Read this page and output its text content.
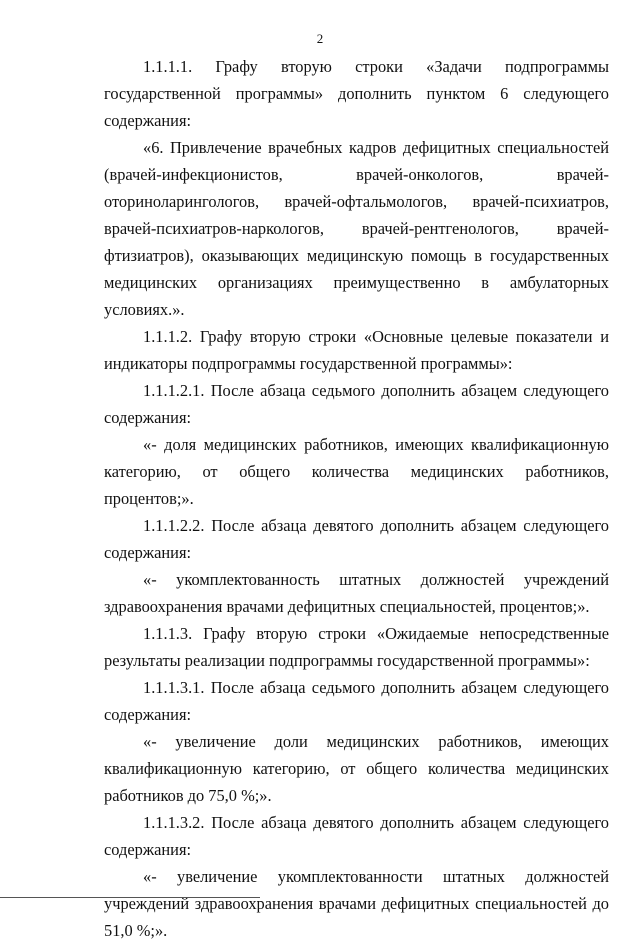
2

1.1.1.1. Графу вторую строки «Задачи подпрограммы государственной программы» дополнить пунктом 6 следующего содержания:

«6. Привлечение врачебных кадров дефицитных специальностей (врачей-инфекционистов, врачей-онкологов, врачей-оториноларингологов, врачей-офтальмологов, врачей-психиатров, врачей-психиатров-наркологов, врачей-рентгенологов, врачей-фтизиатров), оказывающих медицинскую помощь в государственных медицинских организациях преимущественно в амбулаторных условиях.».

1.1.1.2. Графу вторую строки «Основные целевые показатели и индикаторы подпрограммы государственной программы»:

1.1.1.2.1. После абзаца седьмого дополнить абзацем следующего содержания:

«- доля медицинских работников, имеющих квалификационную категорию, от общего количества медицинских работников, процентов;».

1.1.1.2.2. После абзаца девятого дополнить абзацем следующего содержания:

«- укомплектованность штатных должностей учреждений здравоохранения врачами дефицитных специальностей, процентов;».

1.1.1.3. Графу вторую строки «Ожидаемые непосредственные результаты реализации подпрограммы государственной программы»:

1.1.1.3.1. После абзаца седьмого дополнить абзацем следующего содержания:

«- увеличение доли медицинских работников, имеющих квалификационную категорию, от общего количества медицинских работников до 75,0 %;».

1.1.1.3.2. После абзаца девятого дополнить абзацем следующего содержания:

«- увеличение укомплектованности штатных должностей учреждений здравоохранения врачами дефицитных специальностей до 51,0 %;».
